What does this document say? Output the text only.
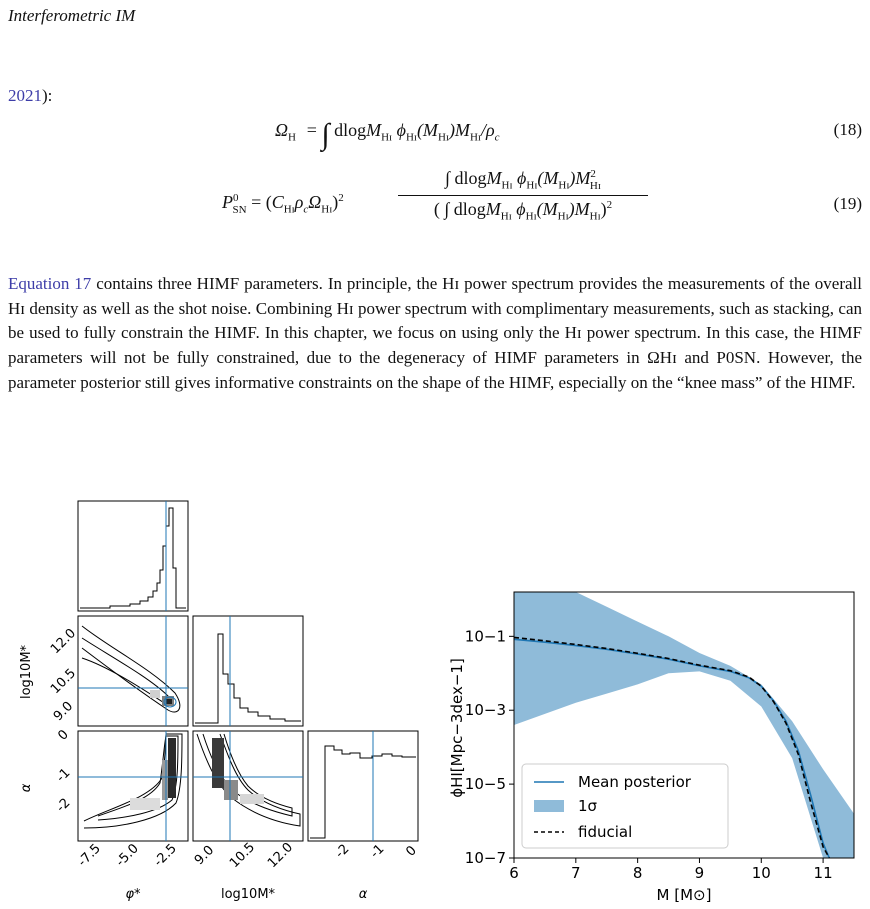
Interferometric IM
2021):
$\Omega_{Hɪ}$ = ∫ dlogM$_{Hɪ}$ $\phi_{Hɪ}(M_{Hɪ})M_{Hɪ}/\rho_c$	(18)
$P^0_{SN} = (C_{Hɪ}\rho_c\Omega_{Hɪ})^2$
∫ dlogM$_{Hɪ}$ $\phi_{Hɪ}(M_{Hɪ})M^2_{Hɪ}$
( ∫ dlogM$_{Hɪ}$ $\phi_{Hɪ}(M_{Hɪ})M_{Hɪ})^2$	(19)
Equation 17 contains three HIMF parameters. In principle, the Hɪ power spectrum provides the measurements of the overall Hɪ density as well as the shot noise. Combining Hɪ power spectrum with complimentary measurements, such as stacking, can be used to fully constrain the HIMF. In this chapter, we focus on using only the Hɪ power spectrum. In this case, the HIMF parameters will not be fully constrained, due to the degeneracy of HIMF parameters in ΩHɪ and P0SN. However, the parameter posterior still gives informative constraints on the shape of the HIMF, especially on the “knee mass” of the HIMF.
9.0
10.5
12.0
-2
-1
0
-7.5 -5.0 -2.5 9.0 10.5 12.0	-2 -1 0
log10M*
α
φ*	log10M*	α
6	7	8	9	10	11
10−1
10−3
10−5
10−7
M [M⊙]
ϕHI[Mpc−3dex−1]	Mean posterior
1σ
fiducial
